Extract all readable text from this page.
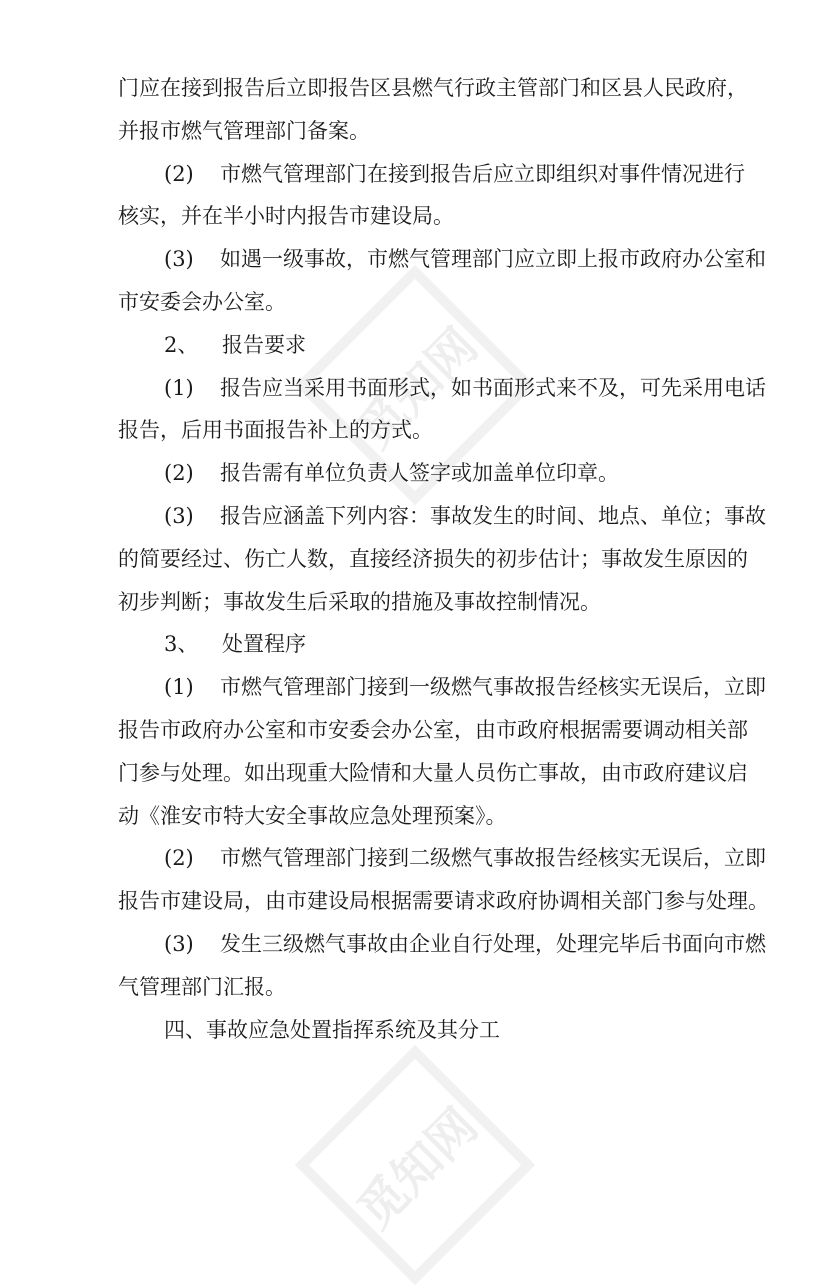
觅知网
觅知网
门应在接到报告后立即报告区县燃气行政主管部门和区县人民政府，
并报市燃气管理部门备案。
(2) 市燃气管理部门在接到报告后应立即组织对事件情况进行
核实，并在半小时内报告市建设局。
(3) 如遇一级事故，市燃气管理部门应立即上报市政府办公室和
市安委会办公室。
2、 报告要求
(1) 报告应当采用书面形式，如书面形式来不及，可先采用电话
报告，后用书面报告补上的方式。
(2) 报告需有单位负责人签字或加盖单位印章。
(3) 报告应涵盖下列内容：事故发生的时间、地点、单位；事故
的简要经过、伤亡人数，直接经济损失的初步估计；事故发生原因的
初步判断；事故发生后采取的措施及事故控制情况。
3、 处置程序
(1) 市燃气管理部门接到一级燃气事故报告经核实无误后，立即
报告市政府办公室和市安委会办公室，由市政府根据需要调动相关部
门参与处理。如出现重大险情和大量人员伤亡事故，由市政府建议启
动《淮安市特大安全事故应急处理预案》。
(2) 市燃气管理部门接到二级燃气事故报告经核实无误后，立即
报告市建设局，由市建设局根据需要请求政府协调相关部门参与处理。
(3) 发生三级燃气事故由企业自行处理，处理完毕后书面向市燃
气管理部门汇报。
四、事故应急处置指挥系统及其分工
